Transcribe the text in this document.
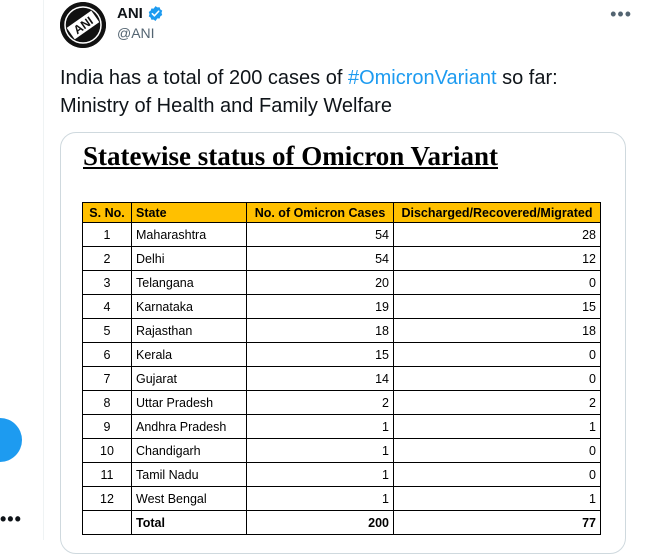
•••
ANI
ANI
@ANI
•••

India has a total of 200 cases of #OmicronVariant so far: Ministry of Health and Family Welfare

Statewise status of Omicron Variant
S. No.	State	No. of Omicron Cases	Discharged/Recovered/Migrated
1	Maharashtra	54	28
2	Delhi	54	12
3	Telangana	20	0
4	Karnataka	19	15
5	Rajasthan	18	18
6	Kerala	15	0
7	Gujarat	14	0
8	Uttar Pradesh	2	2
9	Andhra Pradesh	1	1
10	Chandigarh	1	0
11	Tamil Nadu	1	0
12	West Bengal	1	1
	Total	200	77
